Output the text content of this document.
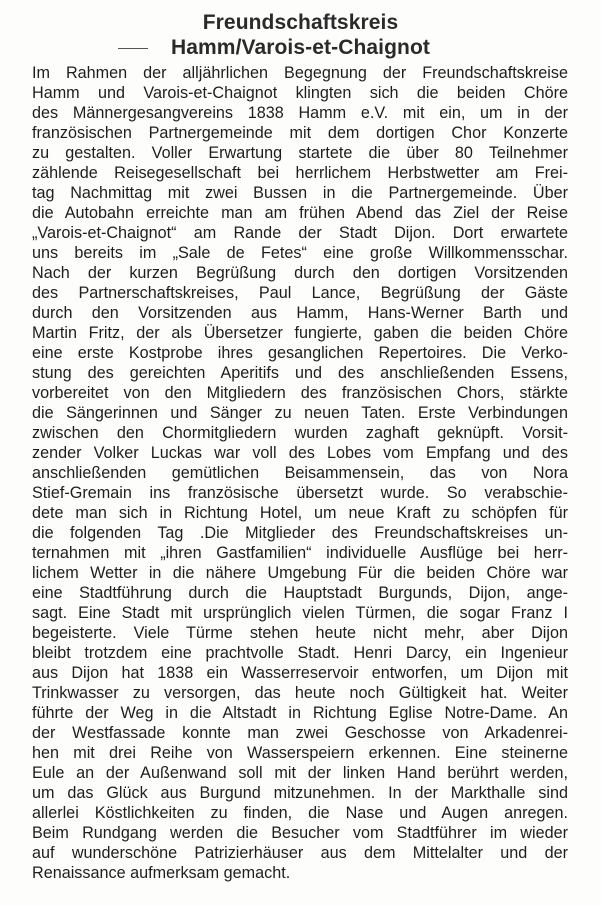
Freundschaftskreis
Hamm/Varois-et-Chaignot
Im Rahmen der alljährlichen Begegnung der Freundschaftskreise
Hamm und Varois-et-Chaignot klingten sich die beiden Chöre
des Männergesangvereins 1838 Hamm e.V. mit ein, um in der
französischen Partnergemeinde mit dem dortigen Chor Konzerte
zu gestalten. Voller Erwartung startete die über 80 Teilnehmer
zählende Reisegesellschaft bei herrlichem Herbstwetter am Frei-
tag Nachmittag mit zwei Bussen in die Partnergemeinde. Über
die Autobahn erreichte man am frühen Abend das Ziel der Reise
„Varois-et-Chaignot“ am Rande der Stadt Dijon. Dort erwartete
uns bereits im „Sale de Fetes“ eine große Willkommensschar.
Nach der kurzen Begrüßung durch den dortigen Vorsitzenden
des Partnerschaftskreises, Paul Lance, Begrüßung der Gäste
durch den Vorsitzenden aus Hamm, Hans-Werner Barth und
Martin Fritz, der als Übersetzer fungierte, gaben die beiden Chöre
eine erste Kostprobe ihres gesanglichen Repertoires. Die Verko-
stung des gereichten Aperitifs und des anschließenden Essens,
vorbereitet von den Mitgliedern des französischen Chors, stärkte
die Sängerinnen und Sänger zu neuen Taten. Erste Verbindungen
zwischen den Chormitgliedern wurden zaghaft geknüpft. Vorsit-
zender Volker Luckas war voll des Lobes vom Empfang und des
anschließenden gemütlichen Beisammensein, das von Nora
Stief-Gremain ins französische übersetzt wurde. So verabschie-
dete man sich in Richtung Hotel, um neue Kraft zu schöpfen für
die folgenden Tag .Die Mitglieder des Freundschaftskreises un-
ternahmen mit „ihren Gastfamilien“ individuelle Ausflüge bei herr-
lichem Wetter in die nähere Umgebung Für die beiden Chöre war
eine Stadtführung durch die Hauptstadt Burgunds, Dijon, ange-
sagt. Eine Stadt mit ursprünglich vielen Türmen, die sogar Franz I
begeisterte. Viele Türme stehen heute nicht mehr, aber Dijon
bleibt trotzdem eine prachtvolle Stadt. Henri Darcy, ein Ingenieur
aus Dijon hat 1838 ein Wasserreservoir entworfen, um Dijon mit
Trinkwasser zu versorgen, das heute noch Gültigkeit hat. Weiter
führte der Weg in die Altstadt in Richtung Eglise Notre-Dame. An
der Westfassade konnte man zwei Geschosse von Arkadenrei-
hen mit drei Reihe von Wasserspeiern erkennen. Eine steinerne
Eule an der Außenwand soll mit der linken Hand berührt werden,
um das Glück aus Burgund mitzunehmen. In der Markthalle sind
allerlei Köstlichkeiten zu finden, die Nase und Augen anregen.
Beim Rundgang werden die Besucher vom Stadtführer im wieder
auf wunderschöne Patrizierhäuser aus dem Mittelalter und der
Renaissance aufmerksam gemacht.
